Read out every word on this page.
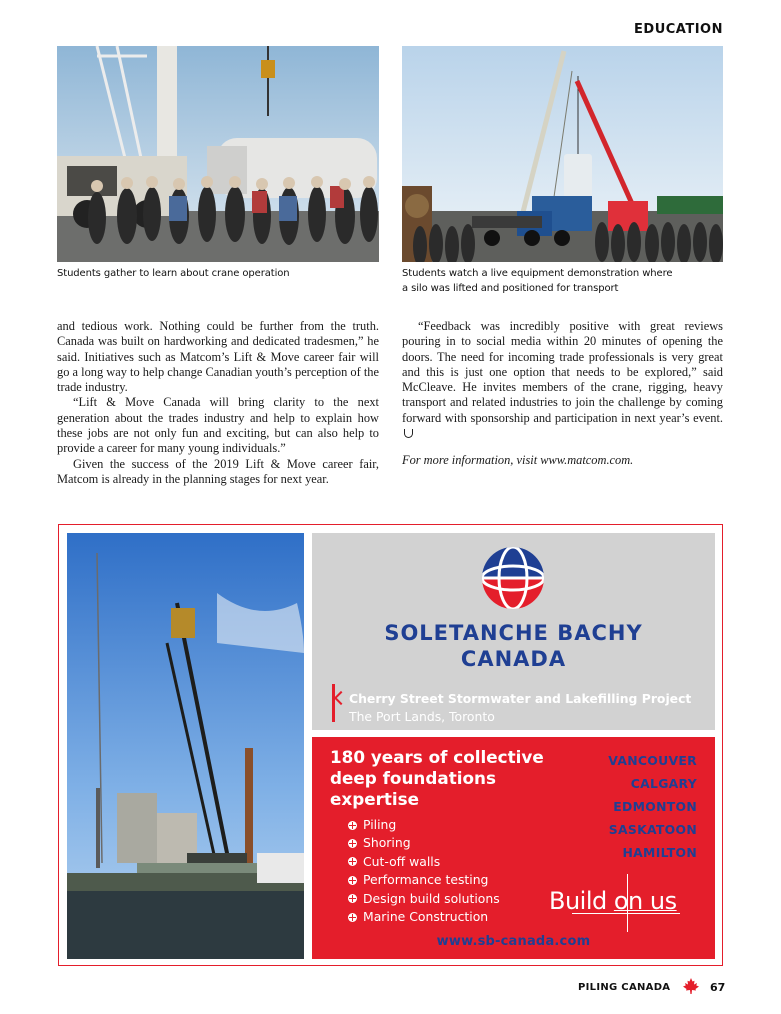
EDUCATION
Students gather to learn about crane operation	Students watch a live equipment demonstration where
a silo was lifted and positioned for transport

and tedious work. Nothing could be further from the truth. Canada was built on hardworking and dedicated tradesmen,” he said. Initiatives such as Matcom’s Lift & Move career fair will go a long way to help change Canadian youth’s perception of the trade industry.

“Lift & Move Canada will bring clarity to the next generation about the trades industry and help to explain how these jobs are not only fun and exciting, but can also help to provide a career for many young individuals.”

Given the success of the 2019 Lift & Move career fair, Matcom is already in the planning stages for next year.

“Feedback was incredibly positive with great reviews pouring in to social media within 20 minutes of opening the doors. The need for incoming trade professionals is very great and this is just one option that needs to be explored,” said McCleave. He invites members of the crane, rigging, heavy transport and related industries to join the challenge by coming forward with sponsorship and participation in next year’s event.

For more information, visit www.matcom.com.

SOLETANCHE BACHY
CANADA
Cherry Street Stormwater and Lakefilling Project
The Port Lands, Toronto
180 years of collective
deep foundations
expertise
Piling
Shoring
Cut-off walls
Performance testing
Design build solutions
Marine Construction
VANCOUVER
CALGARY
EDMONTON
SASKATOON
HAMILTON
Build on us
www.sb-canada.com
PILING CANADA	67
